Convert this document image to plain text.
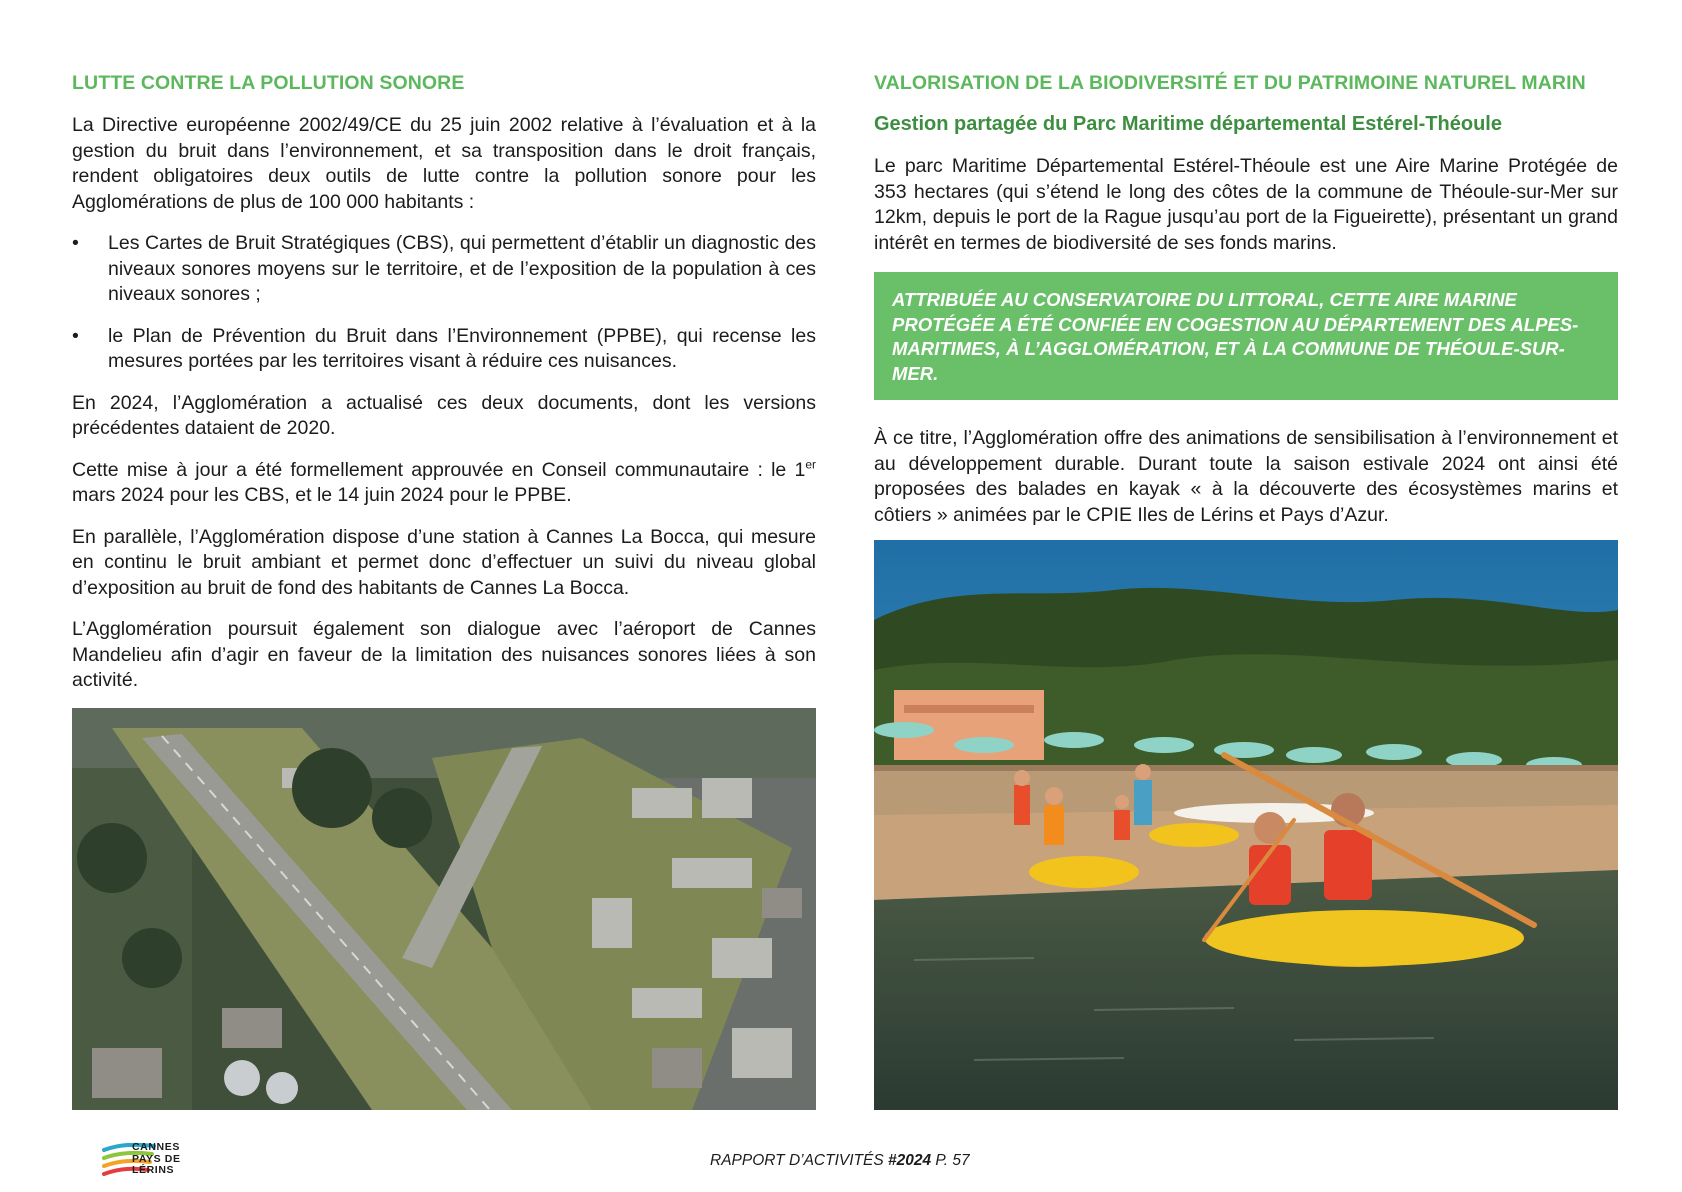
LUTTE CONTRE LA POLLUTION SONORE

La Directive européenne 2002/49/CE du 25 juin 2002 relative à l’évaluation et à la gestion du bruit dans l’environnement, et sa transposition dans le droit français, rendent obligatoires deux outils de lutte contre la pollution sonore pour les Agglomérations de plus de 100 000 habitants :

• Les Cartes de Bruit Stratégiques (CBS), qui permettent d’établir un diagnostic des niveaux sonores moyens sur le territoire, et de l’exposition de la population à ces niveaux sonores ;
• le Plan de Prévention du Bruit dans l’Environnement (PPBE), qui recense les mesures portées par les territoires visant à réduire ces nuisances.

En 2024, l’Agglomération a actualisé ces deux documents, dont les versions précédentes dataient de 2020.

Cette mise à jour a été formellement approuvée en Conseil communautaire : le 1er mars 2024 pour les CBS, et le 14 juin 2024 pour le PPBE.

En parallèle, l’Agglomération dispose d’une station à Cannes La Bocca, qui mesure en continu le bruit ambiant et permet donc d’effectuer un suivi du niveau global d’exposition au bruit de fond des habitants de Cannes La Bocca.

L’Agglomération poursuit également son dialogue avec l’aéroport de Cannes Mandelieu afin d’agir en faveur de la limitation des nuisances sonores liées à son activité.

VALORISATION DE LA BIODIVERSITÉ ET DU PATRIMOINE NATUREL MARIN
Gestion partagée du Parc Maritime départemental Estérel-Théoule

Le parc Maritime Départemental Estérel-Théoule est une Aire Marine Protégée de 353 hectares (qui s’étend le long des côtes de la commune de Théoule-sur-Mer sur 12km, depuis le port de la Rague jusqu’au port de la Figueirette), présentant un grand intérêt en termes de biodiversité de ses fonds marins.

ATTRIBUÉE AU CONSERVATOIRE DU LITTORAL, CETTE AIRE MARINE PROTÉGÉE A ÉTÉ CONFIÉE EN COGESTION AU DÉPARTEMENT DES ALPES-MARITIMES, À L’AGGLOMÉRATION, ET À LA COMMUNE DE THÉOULE-SUR-MER.

À ce titre, l’Agglomération offre des animations de sensibilisation à l’environnement et au développement durable. Durant toute la saison estivale 2024 ont ainsi été proposées des balades en kayak « à la découverte des écosystèmes marins et côtiers » animées par le CPIE Iles de Lérins et Pays d’Azur.

CANNES
PAYS DE
LÉRINS
RAPPORT D’ACTIVITÉS #2024 P. 57
